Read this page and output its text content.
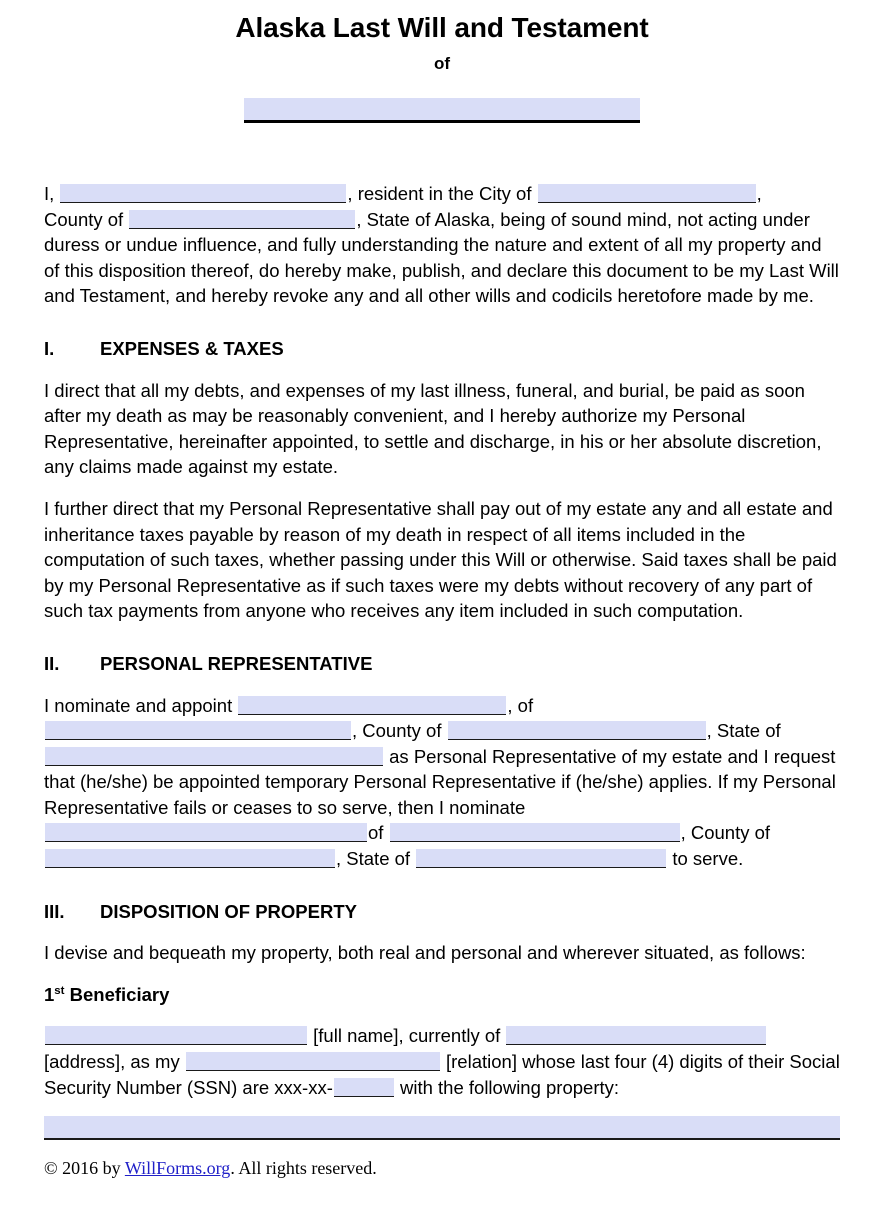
Alaska Last Will and Testament
of

I,	, resident in the City of	,
County of	, State of Alaska, being of sound mind, not acting under duress or undue influence, and fully understanding the nature and extent of all my property and of this disposition thereof, do hereby make, publish, and declare this document to be my Last Will and Testament, and hereby revoke any and all other wills and codicils heretofore made by me.

I. EXPENSES & TAXES

I direct that all my debts, and expenses of my last illness, funeral, and burial, be paid as soon after my death as may be reasonably convenient, and I hereby authorize my Personal Representative, hereinafter appointed, to settle and discharge, in his or her absolute discretion, any claims made against my estate.

I further direct that my Personal Representative shall pay out of my estate any and all estate and inheritance taxes payable by reason of my death in respect of all items included in the computation of such taxes, whether passing under this Will or otherwise. Said taxes shall be paid by my Personal Representative as if such taxes were my debts without recovery of any part of such tax payments from anyone who receives any item included in such computation.

II. PERSONAL REPRESENTATIVE

I nominate and appoint	, of
, County of	, State of
as Personal Representative of my estate and I request that (he/she) be appointed temporary Personal Representative if (he/she) applies. If my Personal Representative fails or ceases to so serve, then I nominate
of	, County of
, State of	to serve.

III. DISPOSITION OF PROPERTY

I devise and bequeath my property, both real and personal and wherever situated, as follows:

1st Beneficiary

[full name], currently of
[address], as my	[relation] whose last four (4) digits of their Social Security Number (SSN) are xxx-xx-	with the following property:

© 2016 by WillForms.org. All rights reserved.
